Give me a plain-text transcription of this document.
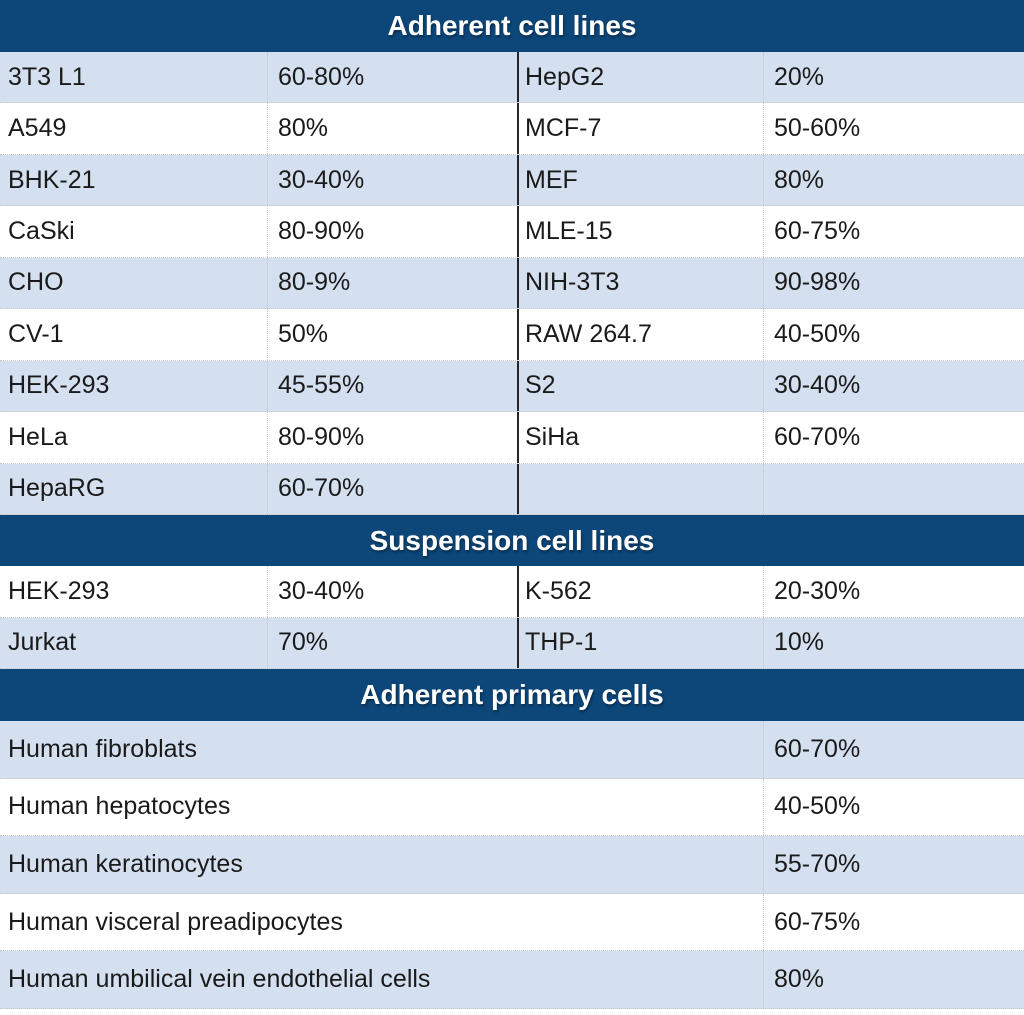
Adherent cell lines
3T3 L1	60-80%	HepG2	20%
A549	80%	MCF-7	50-60%
BHK-21	30-40%	MEF	80%
CaSki	80-90%	MLE-15	60-75%
CHO	80-9%	NIH-3T3	90-98%
CV-1	50%	RAW 264.7	40-50%
HEK-293	45-55%	S2	30-40%
HeLa	80-90%	SiHa	60-70%
HepaRG	60-70%
Suspension cell lines
HEK-293	30-40%	K-562	20-30%
Jurkat	70%	THP-1	10%
Adherent primary cells
Human fibroblats	60-70%
Human hepatocytes	40-50%
Human keratinocytes	55-70%
Human visceral preadipocytes	60-75%
Human umbilical vein endothelial cells	80%
